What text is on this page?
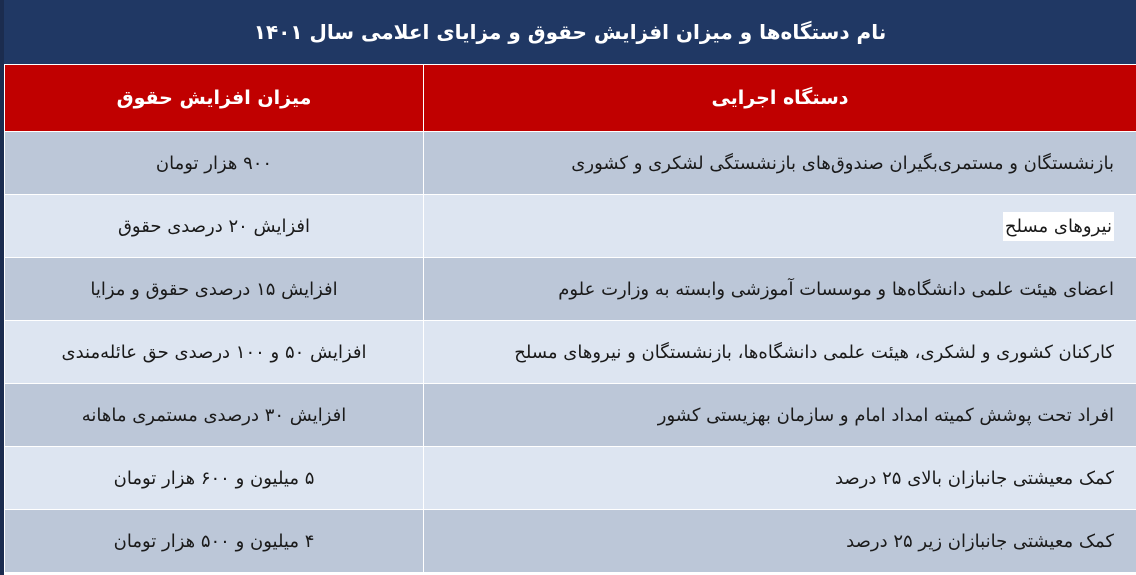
نام دستگاه‌ها و میزان افزایش حقوق و مزایای اعلامی سال ۱۴۰۱
دستگاه اجرایی	میزان افزایش حقوق
بازنشستگان و مستمری‌بگیران صندوق‌های بازنشستگی لشکری و کشوری	۹۰۰ هزار تومان
نیروهای مسلح	افزایش ۲۰ درصدی حقوق
اعضای هیئت علمی دانشگاه‌ها و موسسات آموزشی وابسته به وزارت علوم	افزایش ۱۵ درصدی حقوق و مزایا
کارکنان کشوری و لشکری، هیئت علمی دانشگاه‌ها، بازنشستگان و نیروهای مسلح	افزایش ۵۰ و ۱۰۰ درصدی حق عائله‌مندی
افراد تحت پوشش کمیته امداد امام و سازمان بهزیستی کشور	افزایش ۳۰ درصدی مستمری ماهانه
کمک معیشتی جانبازان بالای ۲۵ درصد	۵ میلیون و ۶۰۰ هزار تومان
کمک معیشتی جانبازان زیر ۲۵ درصد	۴ میلیون و ۵۰۰ هزار تومان
